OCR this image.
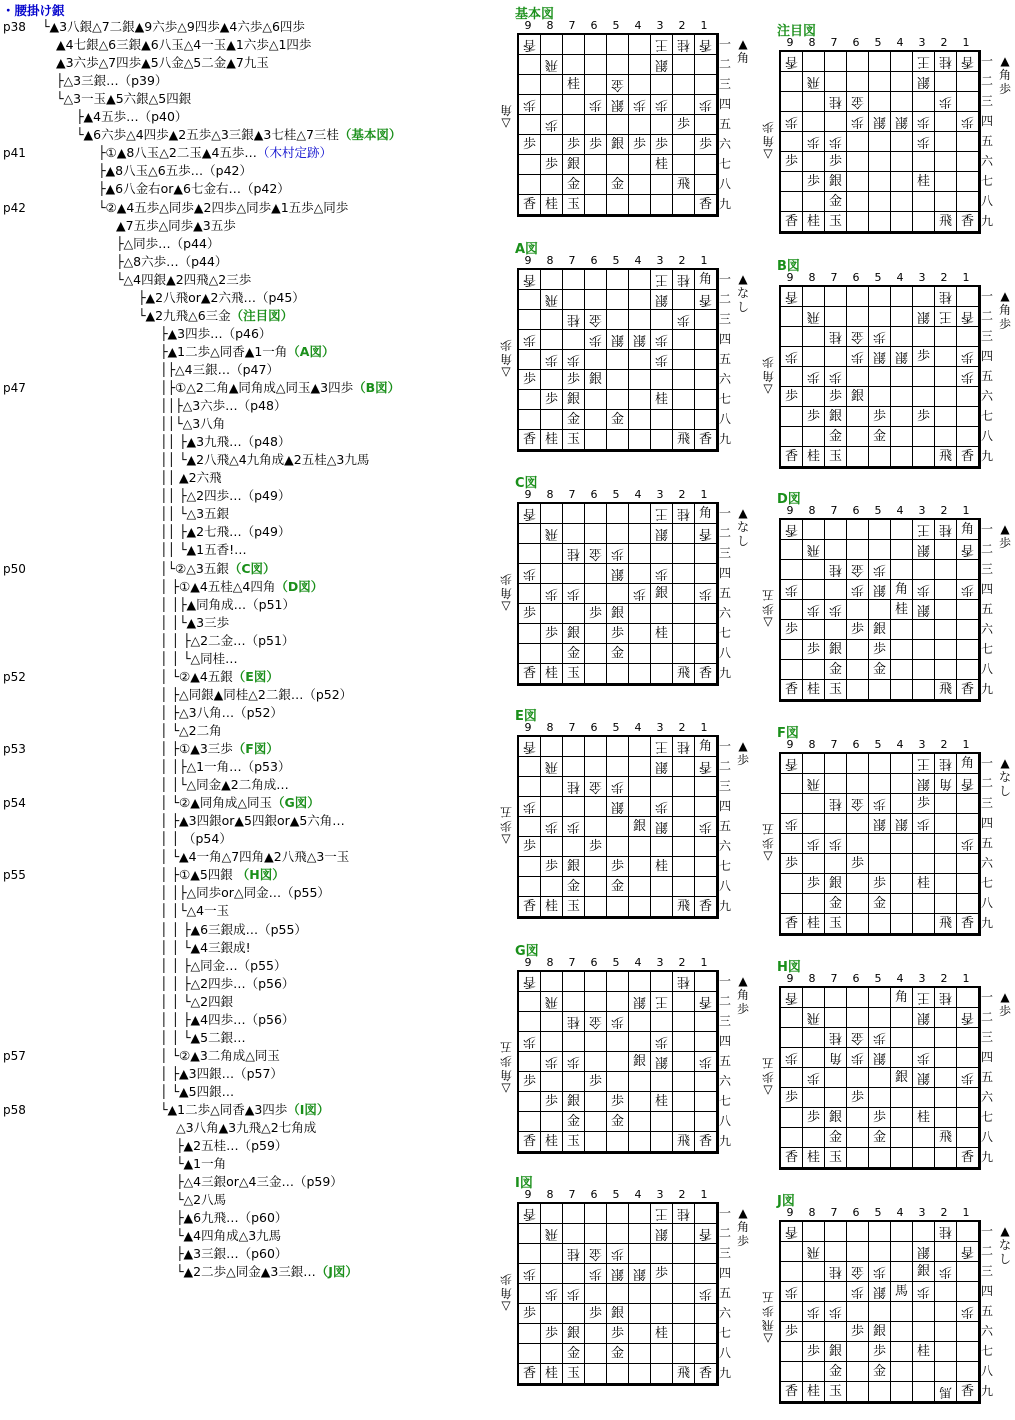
・腰掛け銀
p38 └▲3八銀△7二銀▲9六歩△9四歩▲4六歩△6四歩
▲4七銀△6三銀▲6八玉△4一玉▲1六歩△1四歩
▲3六歩△7四歩▲5八金△5二金▲7九玉
├△3三銀…（p39）
└△3一玉▲5六銀△5四銀
├▲4五歩…（p40）
└▲6六歩△4四歩▲2五歩△3三銀▲3七桂△7三桂（基本図）
p41	├①▲8八玉△2二玉▲4五歩…（木村定跡）
├▲8八玉△6五歩…（p42）
├▲6八金右or▲6七金右…（p42）
p42	└②▲4五歩△同歩▲2四歩△同歩▲1五歩△同歩
▲7五歩△同歩▲3五歩
├△同歩…（p44）
├△8六歩…（p44）
└△4四銀▲2四飛△2三歩
├▲2八飛or▲2六飛…（p45）
└▲2九飛△6三金（注目図）
├▲3四歩…（p46）
├▲1二歩△同香▲1一角（A図）
│├△4三銀…（p47）
p47	│├①△2二角▲同角成△同玉▲3四歩（B図）
││├△3六歩…（p48）
││└△3八角
││ ├▲3九飛…（p48）
││ └▲2八飛△4九角成▲2五桂△3九馬
││ ▲2六飛
││ ├△2四歩…（p49）
││ └△3五銀
││ ├▲2七飛…（p49）
││ └▲1五香!…
p50	│└②△3五銀（C図）
│ ├①▲4五桂△4四角（D図）
│ │├▲同角成…（p51）
│ │└▲3三歩
│ │ ├△2二金…（p51）
│ │ └△同桂…
p52	│ └②▲4五銀（E図）
│ ├△同銀▲同桂△2二銀…（p52）
│ ├△3八角…（p52）
│ └△2二角
p53	│ ├①▲3三歩（F図）
│ │├△1一角…（p53）
│ │└△同金▲2二角成…
p54	│ └②▲同角成△同玉（G図）
│ ├▲3四銀or▲5四銀or▲5六角…
│ │ （p54）
│ └▲4一角△7四角▲2八飛△3一玉
p55	│ ├①▲5四銀 （H図）
│ │├△同歩or△同金…（p55）
│ │└△4一玉
│ │ ├▲6三銀成…（p55）
│ │ └▲4三銀成!
│ │ ├△同金…（p55）
│ │ ├△2四歩…（p56）
│ │ └△2四銀
│ │ ├▲4四歩…（p56）
│ │ └▲5二銀…
p57	│ └②▲3二角成△同玉
│ ├▲3四銀…（p57）
│ └▲5四銀…
p58	└▲1二歩△同香▲3四歩（I図）
△3八角▲3九飛△2七角成
├▲2五桂…（p59）
└▲1一角
├△4三銀or△4三金…（p59）
└△2八馬
├▲6九飛…（p60）
└▲4四角成△3九馬
├▲3三銀…（p60）
└▲2二歩△同金▲3三銀…（J図）
基本図
9	8	7	6	5	4	3	2	1
香	王 桂 香
飛	銀
桂	金
歩	歩 銀 歩 歩	歩
歩	歩
歩	歩 歩 銀 歩 歩	歩
歩 銀	桂
金	金	飛
香 桂 玉	香
一
二
三
四
五
六
七
八
九
▲
角
△
角
注目図
9	8	7	6	5	4	3	2	1
香	王 桂 香
飛	銀
桂 金	歩
歩	歩 銀 銀 歩	歩
歩 歩	歩
歩	歩
歩 銀	桂
金
香 桂 玉	飛 香
一
二
三
四
五
六
七
八
九
▲
角
歩
△
角
歩
A図
9	8	7	6	5	4	3	2	1
香	王 桂 角
飛	銀	香
桂 金	歩
歩	歩 銀 銀 歩
歩 歩	歩
歩	歩 銀
歩 銀	桂
金	金
香 桂 玉	飛 香
一
二
三
四
五
六
七
八
九
▲
な
し
△
角
歩
B図
9	8	7	6	5	4	3	2	1
香	桂
飛	銀 王 香
桂 金 歩
歩	歩 銀 銀 歩	歩
歩 歩	歩
歩	歩 銀
歩 銀	歩	歩
金	金
香 桂 玉	飛 香
一
二
三
四
五
六
七
八
九
▲
角
歩
△
角
歩
C図
9	8	7	6	5	4	3	2	1
香	王 桂 角
飛	銀	香
桂 金 歩
歩	銀	歩
歩 歩	歩 銀	歩
歩	歩 銀
歩 銀	歩	桂
金	金
香 桂 玉	飛 香
一
二
三
四
五
六
七
八
九
▲
な
し
△
角
歩
D図
9	8	7	6	5	4	3	2	1
香	王 桂 角
飛	銀	香
桂 金 歩
歩	歩 銀 角 歩	歩
歩 歩	桂 銀
歩	歩 銀
歩 銀	歩
金	金
香 桂 玉	飛 香
一
二
三
四
五
六
七
八
九
▲
歩
△
歩
五
E図
9	8	7	6	5	4	3	2	1
香	王 桂 角
飛	銀	香
桂 金 歩
歩	銀	歩
歩 歩	銀 銀	歩
歩	歩
歩 銀	歩	桂
金	金
香 桂 玉	飛 香
一
二
三
四
五
六
七
八
九
▲
歩
△
歩
五
F図
9	8	7	6	5	4	3	2	1
香	王 桂 角
飛	銀 角 香
桂 金 歩	歩
歩	銀 銀 歩
歩 歩	歩
歩	歩
歩 銀	歩	桂
金	金
香 桂 玉	飛 香
一
二
三
四
五
六
七
八
九
▲
な
し
△
歩
五
G図
9	8	7	6	5	4	3	2	1
香	桂
飛	銀 王	香
桂 金 歩
歩	歩
歩 歩	銀 銀	歩
歩	歩
歩 銀	歩	桂
金	金
香 桂 玉	飛 香
一
二
三
四
五
六
七
八
九
▲
角
歩
△
角
歩
五
H図
9	8	7	6	5	4	3	2	1
香	角 王 桂
飛	銀	香
桂 金 歩
歩	角 歩 銀	歩
歩	銀 銀	歩
歩	歩
歩 銀	歩	桂
金	金	飛
香 桂 玉	香
一
二
三
四
五
六
七
八
九
▲
歩
△
歩
五
I図
9	8	7	6	5	4	3	2	1
香	王 桂
飛	銀	香
桂 金 歩
歩	歩 銀 銀 歩
歩 歩	歩
歩	歩 銀
歩 銀	歩	桂
金	金
香 桂 玉	飛 香
一
二
三
四
五
六
七
八
九
▲
角
歩
△
角
歩
J図
9	8	7	6	5	4	3	2	1
香	桂
飛	銀	香
桂 金 歩	銀 歩
歩	歩 銀 馬 歩
歩 歩	歩
歩	歩 銀
歩 銀	歩	桂
金	金
香 桂 玉	馬 香
一
二
三
四
五
六
七
八
九
▲
な
し
△
飛
歩
五
